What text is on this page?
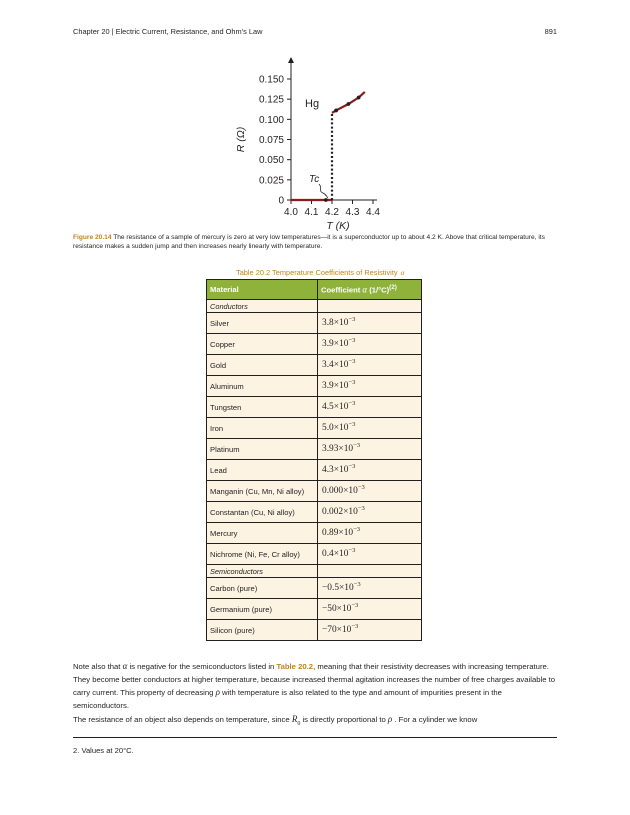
Chapter 20 | Electric Current, Resistance, and Ohm's Law	891
0
0.025
0.050
0.075
0.100
0.125
0.150
4.0 4.1 4.2 4.3 4.4
T (K)
R (Ω)
Hg
Tc
Figure 20.14 The resistance of a sample of mercury is zero at very low temperatures—it is a superconductor up to about 4.2 K. Above that critical temperature, its resistance makes a sudden jump and then increases nearly linearly with temperature.
Table 20.2 Temperature Coefficients of Resistivity α
Material	Coefficient α $(1/^\circ C)^{(2)}$
Conductors	
Silver	$3.8\times 10^{-3}$
Copper	$3.9\times 10^{-3}$
Gold	$3.4\times 10^{-3}$
Aluminum	$3.9\times 10^{-3}$
Tungsten	$4.5\times 10^{-3}$
Iron	$5.0\times 10^{-3}$
Platinum	$3.93\times 10^{-3}$
Lead	$4.3\times 10^{-3}$
Manganin (Cu, Mn, Ni alloy)	$0.000\times 10^{-3}$
Constantan (Cu, Ni alloy)	$0.002\times 10^{-3}$
Mercury	$0.89\times 10^{-3}$
Nichrome (Ni, Fe, Cr alloy)	$0.4\times 10^{-3}$
Semiconductors	
Carbon (pure)	$-0.5\times 10^{-3}$
Germanium (pure)	$-50\times 10^{-3}$
Silicon (pure)	$-70\times 10^{-3}$
Note also that α is negative for the semiconductors listed in Table 20.2, meaning that their resistivity decreases with increasing temperature. They become better conductors at higher temperature, because increased thermal agitation increases the number of free charges available to carry current. This property of decreasing ρ with temperature is also related to the type and amount of impurities present in the semiconductors.
The resistance of an object also depends on temperature, since $R_0$ is directly proportional to ρ . For a cylinder we know
2. Values at 20°C.
